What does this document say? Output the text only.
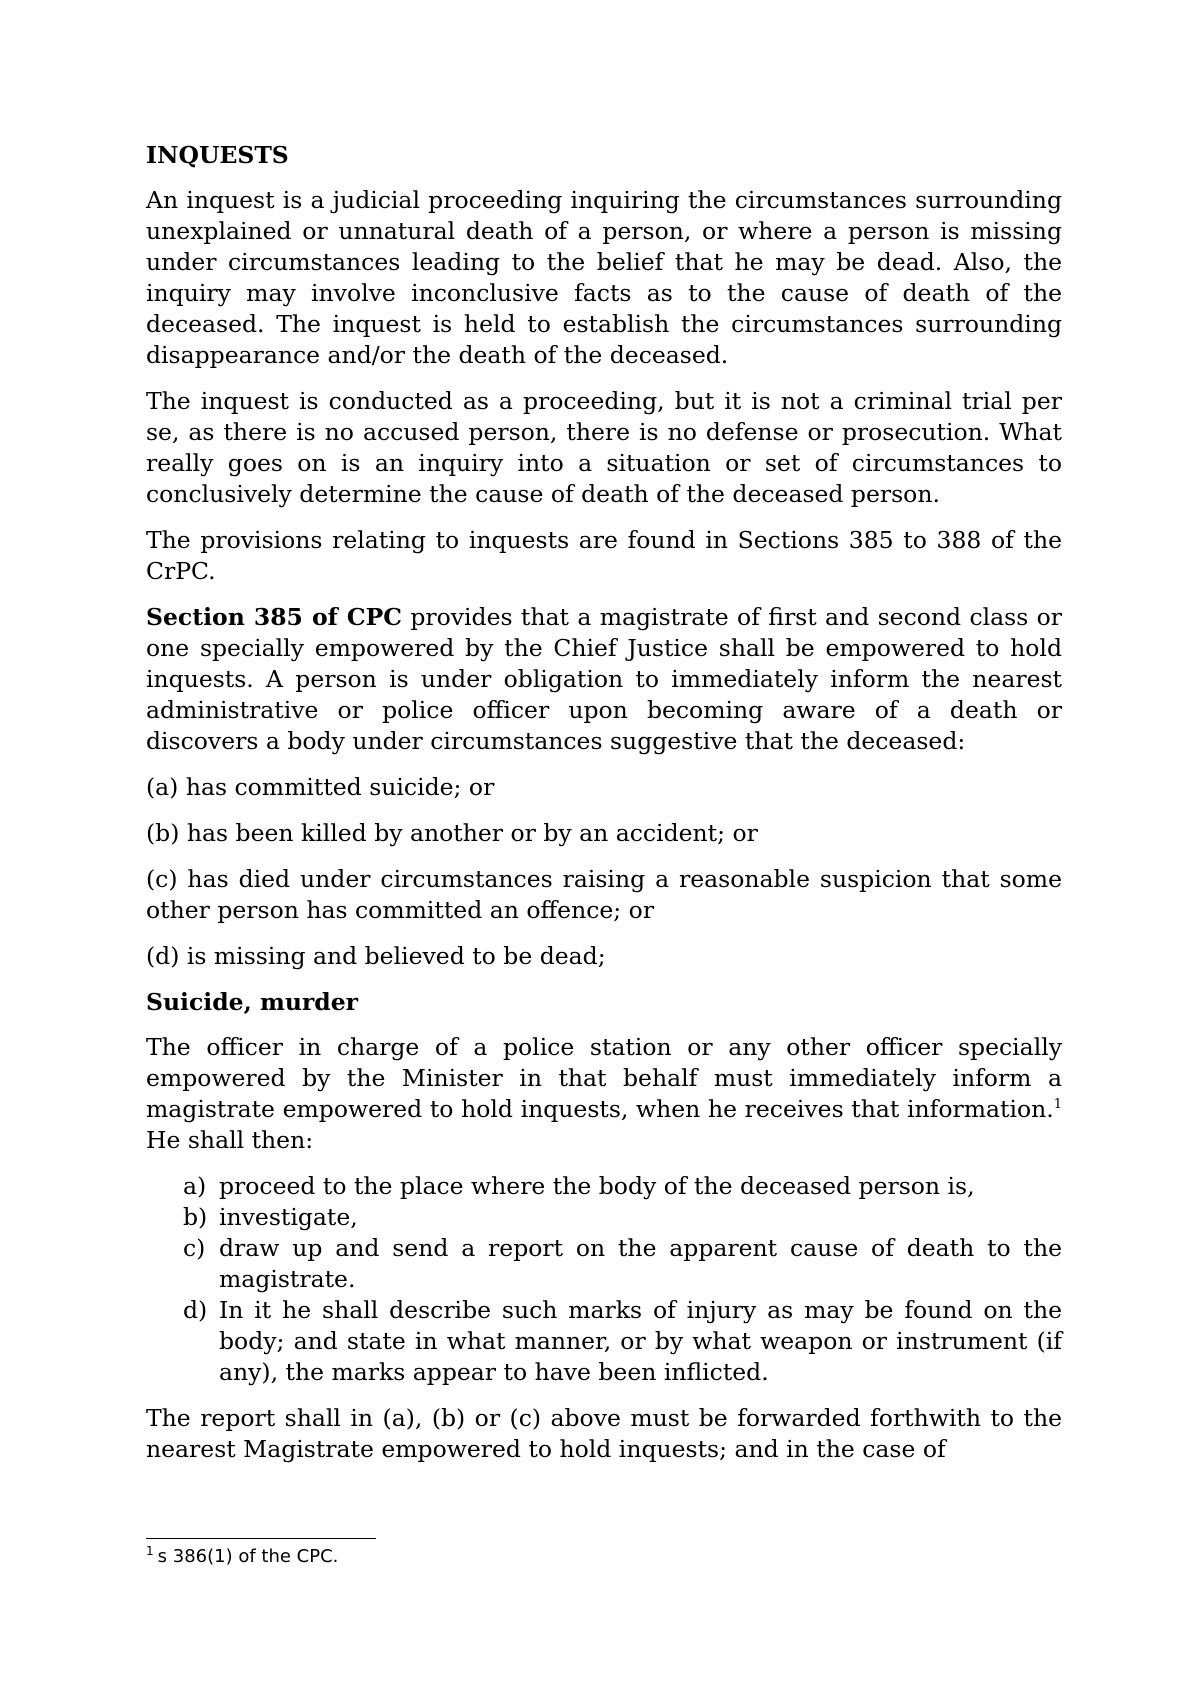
INQUESTS

An inquest is a judicial proceeding inquiring the circumstances surrounding unexplained or unnatural death of a person, or where a person is missing under circumstances leading to the belief that he may be dead. Also, the inquiry may involve inconclusive facts as to the cause of death of the deceased. The inquest is held to establish the circumstances surrounding disappearance and/or the death of the deceased.

The inquest is conducted as a proceeding, but it is not a criminal trial per se, as there is no accused person, there is no defense or prosecution. What really goes on is an inquiry into a situation or set of circumstances to conclusively determine the cause of death of the deceased person.

The provisions relating to inquests are found in Sections 385 to 388 of the CrPC.

Section 385 of CPC provides that a magistrate of first and second class or one specially empowered by the Chief Justice shall be empowered to hold inquests. A person is under obligation to immediately inform the nearest administrative or police officer upon becoming aware of a death or discovers a body under circumstances suggestive that the deceased:

(a) has committed suicide; or

(b) has been killed by another or by an accident; or

(c) has died under circumstances raising a reasonable suspicion that some other person has committed an offence; or

(d) is missing and believed to be dead;

Suicide, murder

The officer in charge of a police station or any other officer specially empowered by the Minister in that behalf must immediately inform a magistrate empowered to hold inquests, when he receives that information.$^1$ He shall then:

a) proceed to the place where the body of the deceased person is,
b) investigate,
c) draw up and send a report on the apparent cause of death to the magistrate.
d) In it he shall describe such marks of injury as may be found on the body; and state in what manner, or by what weapon or instrument (if any), the marks appear to have been inflicted.

The report shall in (a), (b) or (c) above must be forwarded forthwith to the nearest Magistrate empowered to hold inquests; and in the case of

$^1$ s 386(1) of the CPC.
